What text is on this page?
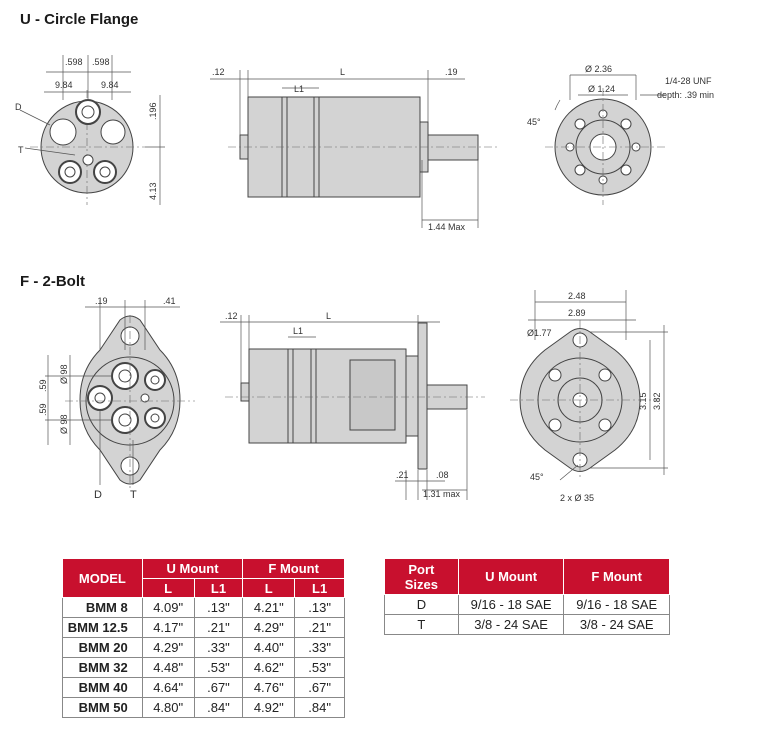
U - Circle Flange
F - 2-Bolt
.598 .598
9.84	9.84
.196
4.13
D
T
.12	L	.19
L1
1.44 Max
Ø 2.36
Ø 1.24
45°
1/4-28 UNF
depth: .39 min
.19	.41
.59
.59
Ø 98
Ø 98
D	T
.12	L
L1
.21	.08
1.31 max
2.48
2.89
Ø1.77
3.15 3.82
45°
2 x Ø 35
MODEL	U Mount		F Mount	
	L	L1	L	L1
BMM 8	4.09"	.13"	4.21"	.13"
BMM 12.5	4.17"	.21"	4.29"	.21"
BMM 20	4.29"	.33"	4.40"	.33"
BMM 32	4.48"	.53"	4.62"	.53"
BMM 40	4.64"	.67"	4.76"	.67"
BMM 50	4.80"	.84"	4.92"	.84"
Port
Sizes	U Mount	F Mount
D	9/16 - 18 SAE	9/16 - 18 SAE
T	3/8 - 24 SAE	3/8 - 24 SAE
